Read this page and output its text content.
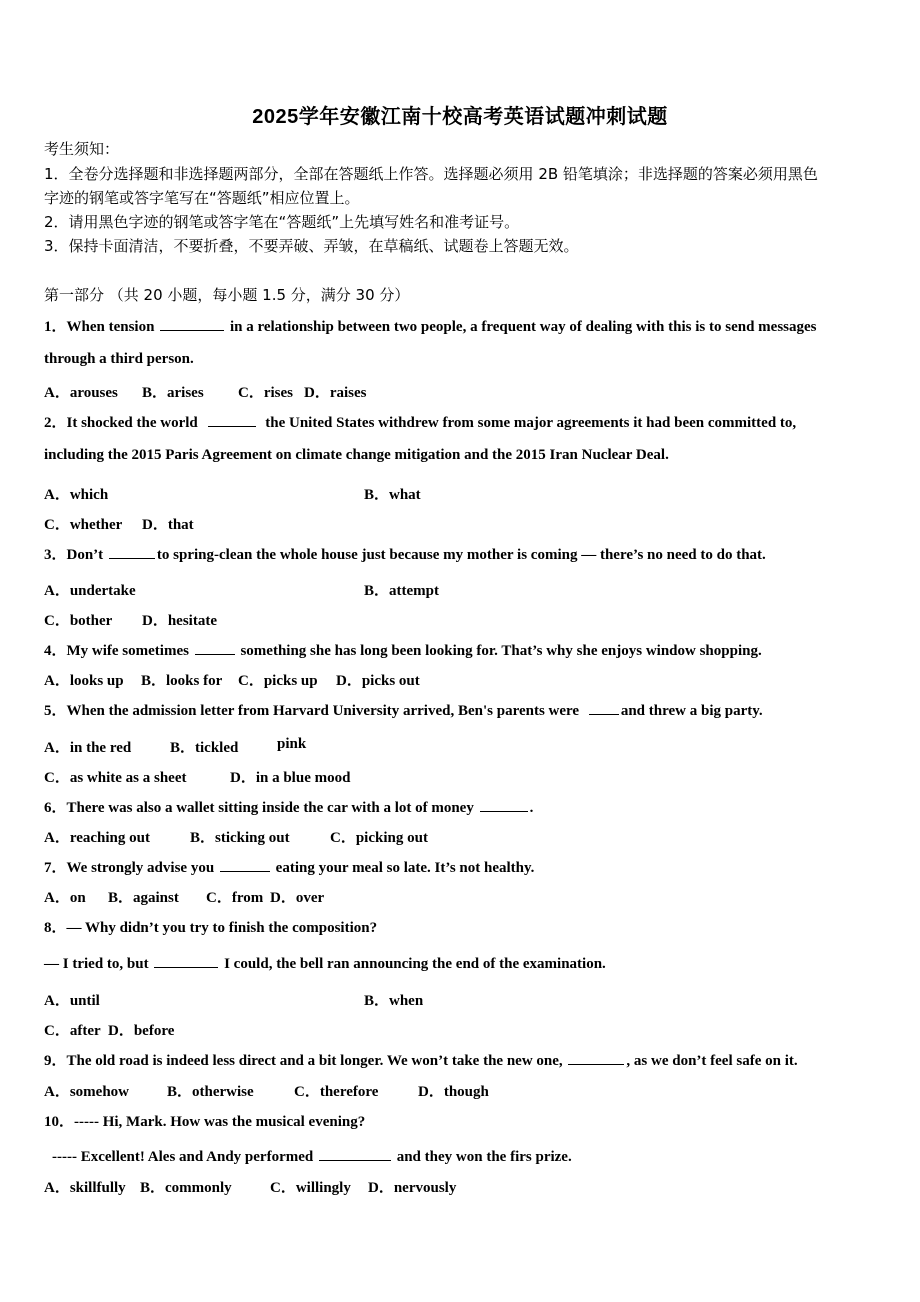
2025学年安徽江南十校高考英语试题冲刺试题
考生须知：
1．全卷分选择题和非选择题两部分，全部在答题纸上作答。选择题必须用 2B 铅笔填涂；非选择题的答案必须用黑色
字迹的钢笔或答字笔写在“答题纸”相应位置上。
2．请用黑色字迹的钢笔或答字笔在“答题纸”上先填写姓名和准考证号。
3．保持卡面清洁，不要折叠，不要弄破、弄皱，在草稿纸、试题卷上答题无效。
第一部分 （共 20 小题，每小题 1.5 分，满分 30 分）
1．When tension	in a relationship between two people, a frequent way of dealing with this is to send messages
through a third person.
A．arouses B．arises C．rises D．raises
2．It shocked the world	the United States withdrew from some major agreements it had been committed to,
including the 2015 Paris Agreement on climate change mitigation and the 2015 Iran Nuclear Deal.
A．which	B．what
C．whether D．that
3．Don’t	to spring-clean the whole house just because my mother is coming — there’s no need to do that.
A．undertake	B．attempt
C．bother D．hesitate
4．My wife sometimes	something she has long been looking for. That’s why she enjoys window shopping.
A．looks up B．looks for C．picks up D．picks out
5．When the admission letter from Harvard University arrived, Ben's parents were	and threw a big party.
A．in the red	B．tickled	pink
C．as white as a sheet	D．in a blue mood
6．There was also a wallet sitting inside the car with a lot of money	.
A．reaching out	B．sticking out	C．picking out
7．We strongly advise you	eating your meal so late. It’s not healthy.
A．on B．against C．from D．over
8．— Why didn’t you try to finish the composition?
— I tried to, but	I could, the bell ran announcing the end of the examination.
A．until	B．when
C．after D．before
9．The old road is indeed less direct and a bit longer. We won’t take the new one,	, as we don’t feel safe on it.
A．somehow	B．otherwise	C．therefore	D．though
10．----- Hi, Mark. How was the musical evening?
----- Excellent! Ales and Andy performed	and they won the firs prize.
A．skillfully B．commonly	C．willingly D．nervously
